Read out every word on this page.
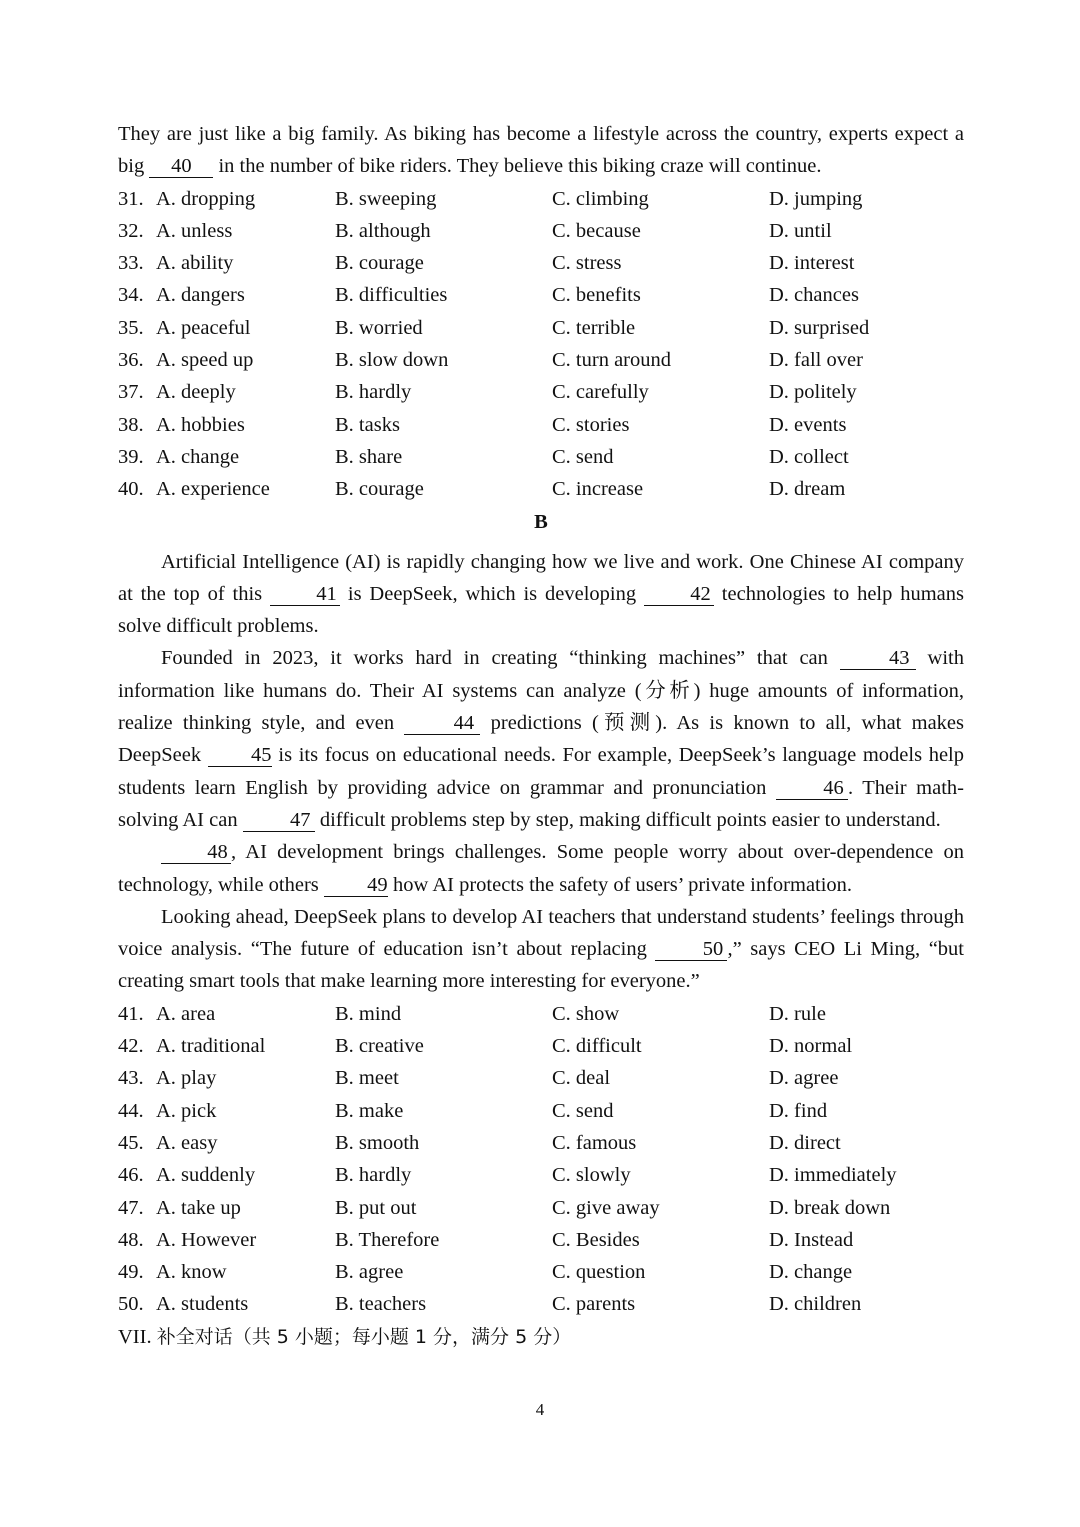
They are just like a big family. As biking has become a lifestyle across the country, experts expect a big 40 in the number of bike riders. They believe this biking craze will continue.

31. A. dropping	B. sweeping	C. climbing	D. jumping
32. A. unless	B. although	C. because	D. until
33. A. ability	B. courage	C. stress	D. interest
34. A. dangers	B. difficulties	C. benefits	D. chances
35. A. peaceful	B. worried	C. terrible	D. surprised
36. A. speed up	B. slow down	C. turn around	D. fall over
37. A. deeply	B. hardly	C. carefully	D. politely
38. A. hobbies	B. tasks	C. stories	D. events
39. A. change	B. share	C. send	D. collect
40. A. experience	B. courage	C. increase	D. dream
B

Artificial Intelligence (AI) is rapidly changing how we live and work. One Chinese AI company at the top of this 41 is DeepSeek, which is developing 42 technologies to help humans solve difficult problems.

Founded in 2023, it works hard in creating “thinking machines” that can 43 with information like humans do. Their AI systems can analyze (分析) huge amounts of information, realize thinking style, and even 44 predictions (预测). As is known to all, what makes DeepSeek 45 is its focus on educational needs. For example, DeepSeek’s language models help students learn English by providing advice on grammar and pronunciation 46 . Their math-solving AI can 47 difficult problems step by step, making difficult points easier to understand.

48 , AI development brings challenges. Some people worry about over-dependence on technology, while others 49 how AI protects the safety of users’ private information.

Looking ahead, DeepSeek plans to develop AI teachers that understand students’ feelings through voice analysis. “The future of education isn’t about replacing 50 ,” says CEO Li Ming, “but creating smart tools that make learning more interesting for everyone.”

41. A. area	B. mind	C. show	D. rule
42. A. traditional	B. creative	C. difficult	D. normal
43. A. play	B. meet	C. deal	D. agree
44. A. pick	B. make	C. send	D. find
45. A. easy	B. smooth	C. famous	D. direct
46. A. suddenly	B. hardly	C. slowly	D. immediately
47. A. take up	B. put out	C. give away	D. break down
48. A. However	B. Therefore	C. Besides	D. Instead
49. A. know	B. agree	C. question	D. change
50. A. students	B. teachers	C. parents	D. children
VII. 补全对话（共 5 小题；每小题 1 分，满分 5 分）
4
